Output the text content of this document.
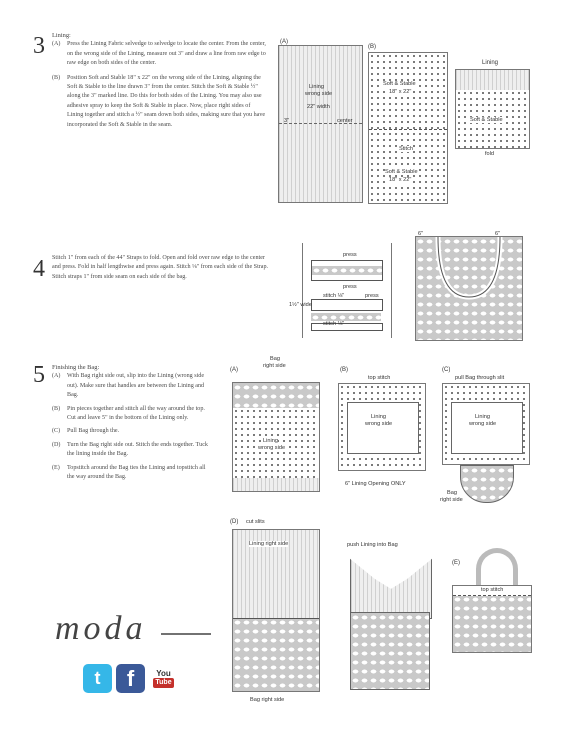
3 Lining:

(A)	Press the Lining Fabric selvedge to selvedge to locate the center. From the center, on the wrong side of the Lining, measure out 3" and draw a line from raw edge to raw edge on both sides of the center.
(B)	Position Soft and Stable 18" x 22" on the wrong side of the Lining, aligning the Soft & Stable to the line drawn 3" from the center. Stitch the Soft & Stable ½" along the 3" marked line. Do this for both sides of the Lining. You may also use adhesive spray to keep the Soft & Stable in place. Now, place right sides of Lining together and stitch a ½" seam down both sides, making sure that you have incorporated the Soft & Stable in the seam.
Lining
wrong side
22" width
center
3"
(A)
Soft & Stable
18" x 22"
Stitch
Soft & Stable
18" x 22"
(B)
Soft & Stable
Lining
fold
4 Stitch 1" from each of the 44" Straps to fold. Open and fold over raw edge to the center and press. Fold in half lengthwise and press again. Stitch ⅛" from each side of the Strap. Stitch straps 1" from side seam on each side of the bag.
press
press
stitch ⅛"	press
1½" wide
stitch ⅛"
6"	6"
5 Finishing the Bag:

(A)	With Bag right side out, slip into the Lining (wrong side out). Make sure that handles are between the Lining and Bag.
(B)	Pin pieces together and stitch all the way around the top. Cut and leave 5" in the bottom of the Lining only.
(C)	Pull Bag through the.
(D)	Turn the Bag right side out. Stitch the ends together. Tuck the lining inside the Bag.
(E)	Topstitch around the Bag ties the Lining and topstitch all the way around the Bag.
(A)
Bag
right side
Lining
wrong side
(B)
top stitch
Lining
wrong side
6" Lining Opening ONLY
(C)
pull Bag through slit
Lining
wrong side
Bag
right side
(D) cut slits
Lining right side
Bag right side
push Lining into Bag
(E)
top stitch
moda
t	f	You
Tube
